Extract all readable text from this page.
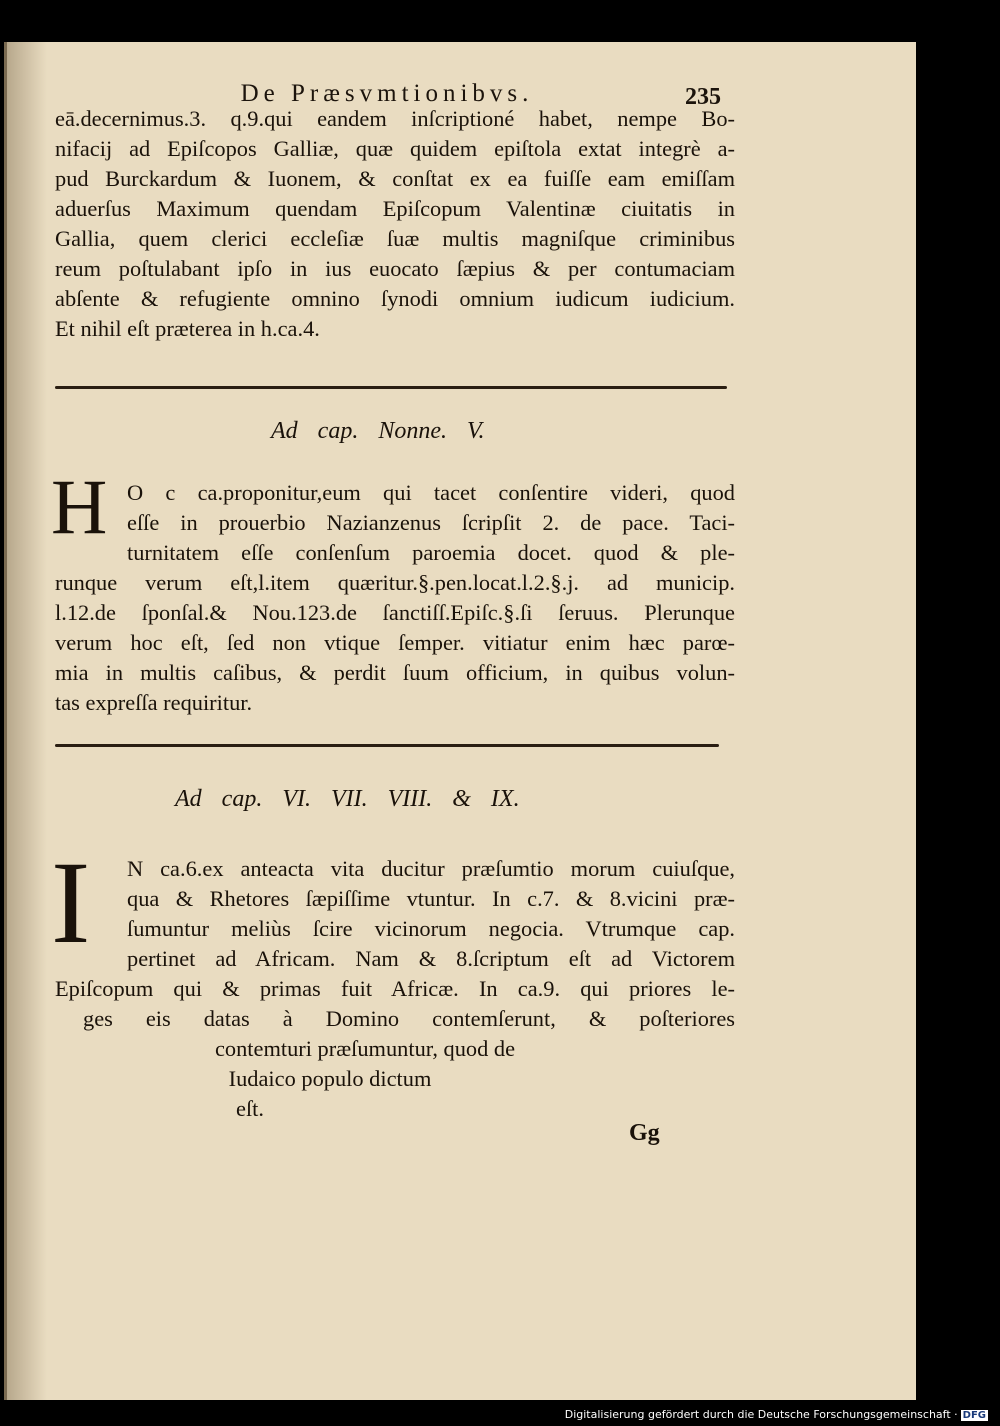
De Præsvmtionibvs.	235
eā.decernimus.3. q.9.qui eandem inſcriptioné habet, nempe Bo-
nifacij ad Epiſcopos Galliæ, quæ quidem epiſtola extat integrè a-
pud Burckardum & Iuonem, & conſtat ex ea fuiſſe eam emiſſam
aduerſus Maximum quendam Epiſcopum Valentinæ ciuitatis in
Gallia, quem clerici eccleſiæ ſuæ multis magniſque criminibus
reum poſtulabant ipſo in ius euocato ſæpius & per contumaciam
abſente & refugiente omnino ſynodi omnium iudicum iudicium.
Et nihil eſt præterea in h.ca.4.
Ad cap. Nonne. V.
H O c ca.proponitur,eum qui tacet conſentire videri, quod
eſſe in prouerbio Nazianzenus ſcripſit 2. de pace. Taci-
turnitatem eſſe conſenſum paroemia docet. quod & ple-
runque verum eſt,l.item quæritur.§.pen.locat.l.2.§.j. ad municip.
l.12.de ſponſal.& Nou.123.de ſanctiſſ.Epiſc.§.ſi ſeruus. Plerunque
verum hoc eſt, ſed non vtique ſemper. vitiatur enim hæc parœ-
mia in multis caſibus, & perdit ſuum officium, in quibus volun-
tas expreſſa requiritur.
Ad cap. VI. VII. VIII. & IX.
I	N ca.6.ex anteacta vita ducitur præſumtio morum cuiuſque,
qua & Rhetores ſæpiſſime vtuntur. In c.7. & 8.vicini præ-
ſumuntur meliùs ſcire vicinorum negocia. Vtrumque cap.
pertinet ad Africam. Nam & 8.ſcriptum eſt ad Victorem
Epiſcopum qui & primas fuit Africæ. In ca.9. qui priores le-
ges eis datas à Domino contemſerunt, & poſteriores
contemturi præſumuntur, quod de
Iudaico populo dictum
eſt.
Gg
Digitalisierung gefördert durch die Deutsche Forschungsgemeinschaft · DFG
